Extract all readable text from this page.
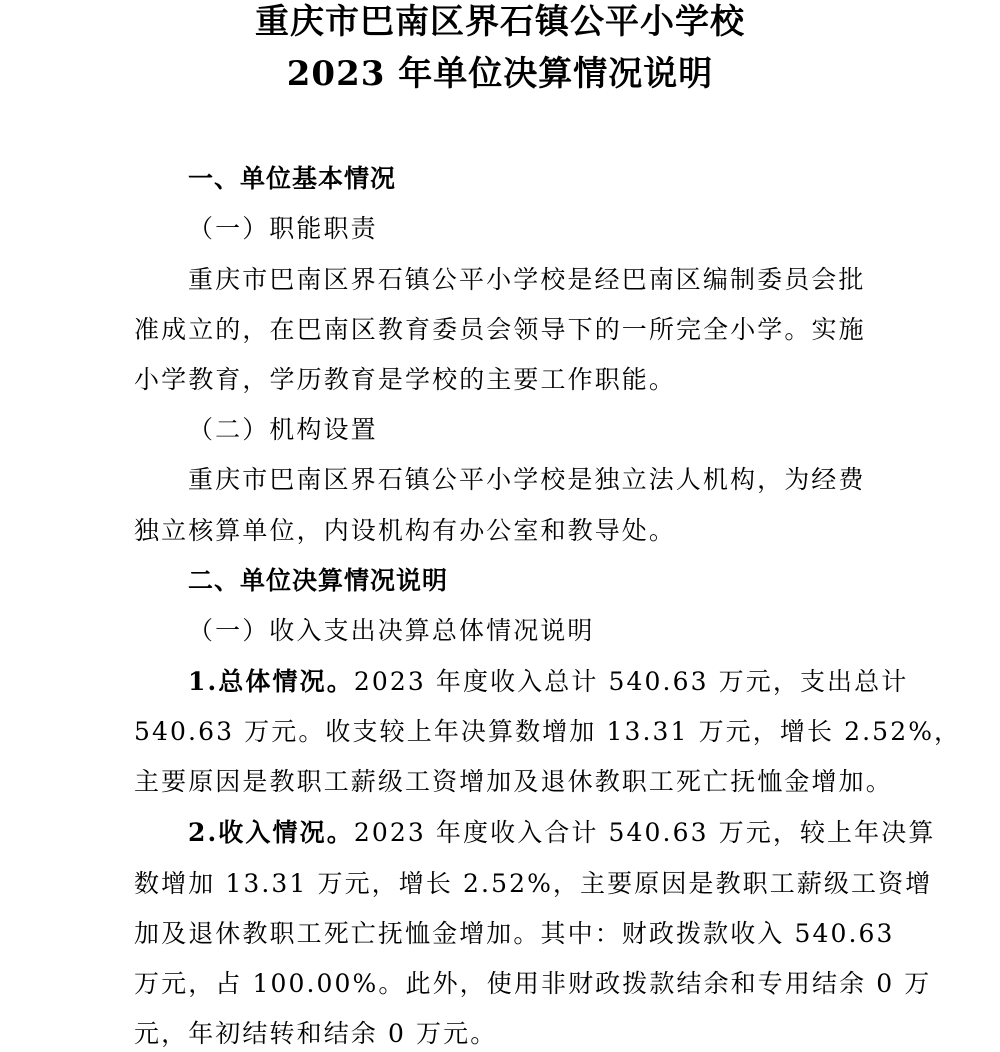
重庆市巴南区界石镇公平小学校
2023 年单位决算情况说明
一、单位基本情况
（一）职能职责
重庆市巴南区界石镇公平小学校是经巴南区编制委员会批
准成立的，在巴南区教育委员会领导下的一所完全小学。实施
小学教育，学历教育是学校的主要工作职能。
（二）机构设置
重庆市巴南区界石镇公平小学校是独立法人机构，为经费
独立核算单位，内设机构有办公室和教导处。
二、单位决算情况说明
（一）收入支出决算总体情况说明
1.总体情况。2023 年度收入总计 540.63 万元，支出总计
540.63 万元。收支较上年决算数增加 13.31 万元，增长 2.52%，
主要原因是教职工薪级工资增加及退休教职工死亡抚恤金增加。
2.收入情况。2023 年度收入合计 540.63 万元，较上年决算
数增加 13.31 万元，增长 2.52%，主要原因是教职工薪级工资增
加及退休教职工死亡抚恤金增加。其中：财政拨款收入 540.63
万元，占 100.00%。此外，使用非财政拨款结余和专用结余 0 万
元，年初结转和结余 0 万元。
